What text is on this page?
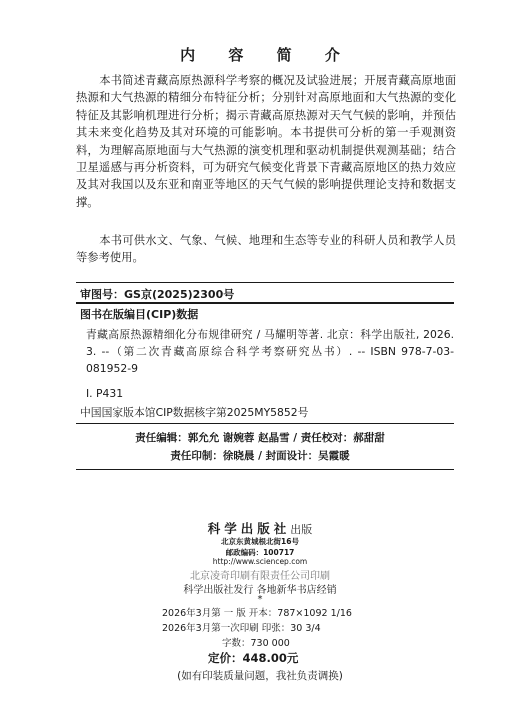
内 容 简 介
本书简述青藏高原热源科学考察的概况及试验进展；开展青藏高原地面热源和大气热源的精细分布特征分析；分别针对高原地面和大气热源的变化特征及其影响机理进行分析；揭示青藏高原热源对天气气候的影响，并预估其未来变化趋势及其对环境的可能影响。本书提供可分析的第一手观测资料，为理解高原地面与大气热源的演变机理和驱动机制提供观测基础；结合卫星遥感与再分析资料，可为研究气候变化背景下青藏高原地区的热力效应及其对我国以及东亚和南亚等地区的天气气候的影响提供理论支持和数据支撑。
本书可供水文、气象、气候、地理和生态等专业的科研人员和教学人员等参考使用。
审图号：GS京(2025)2300号
图书在版编目(CIP)数据
青藏高原热源精细化分布规律研究 / 马耀明等著. 北京：科学出版社, 2026. 3. --（第二次青藏高原综合科学考察研究丛书）. -- ISBN 978-7-03-081952-9
Ⅰ. P431
中国国家版本馆CIP数据核字第2025MY5852号
责任编辑：郭允允 谢婉蓉 赵晶雪 / 责任校对：郝甜甜
责任印制：徐晓晨 / 封面设计：吴霞暖
科学出版社出版
北京东黄城根北街16号
邮政编码：100717
http://www.sciencep.com
北京凌奇印刷有限责任公司印刷
科学出版社发行 各地新华书店经销
*
2026年3月第 一 版 开本：787×1092 1/16
2026年3月第一次印刷 印张：30 3/4
字数：730 000
定价：448.00元
(如有印装质量问题，我社负责调换)
